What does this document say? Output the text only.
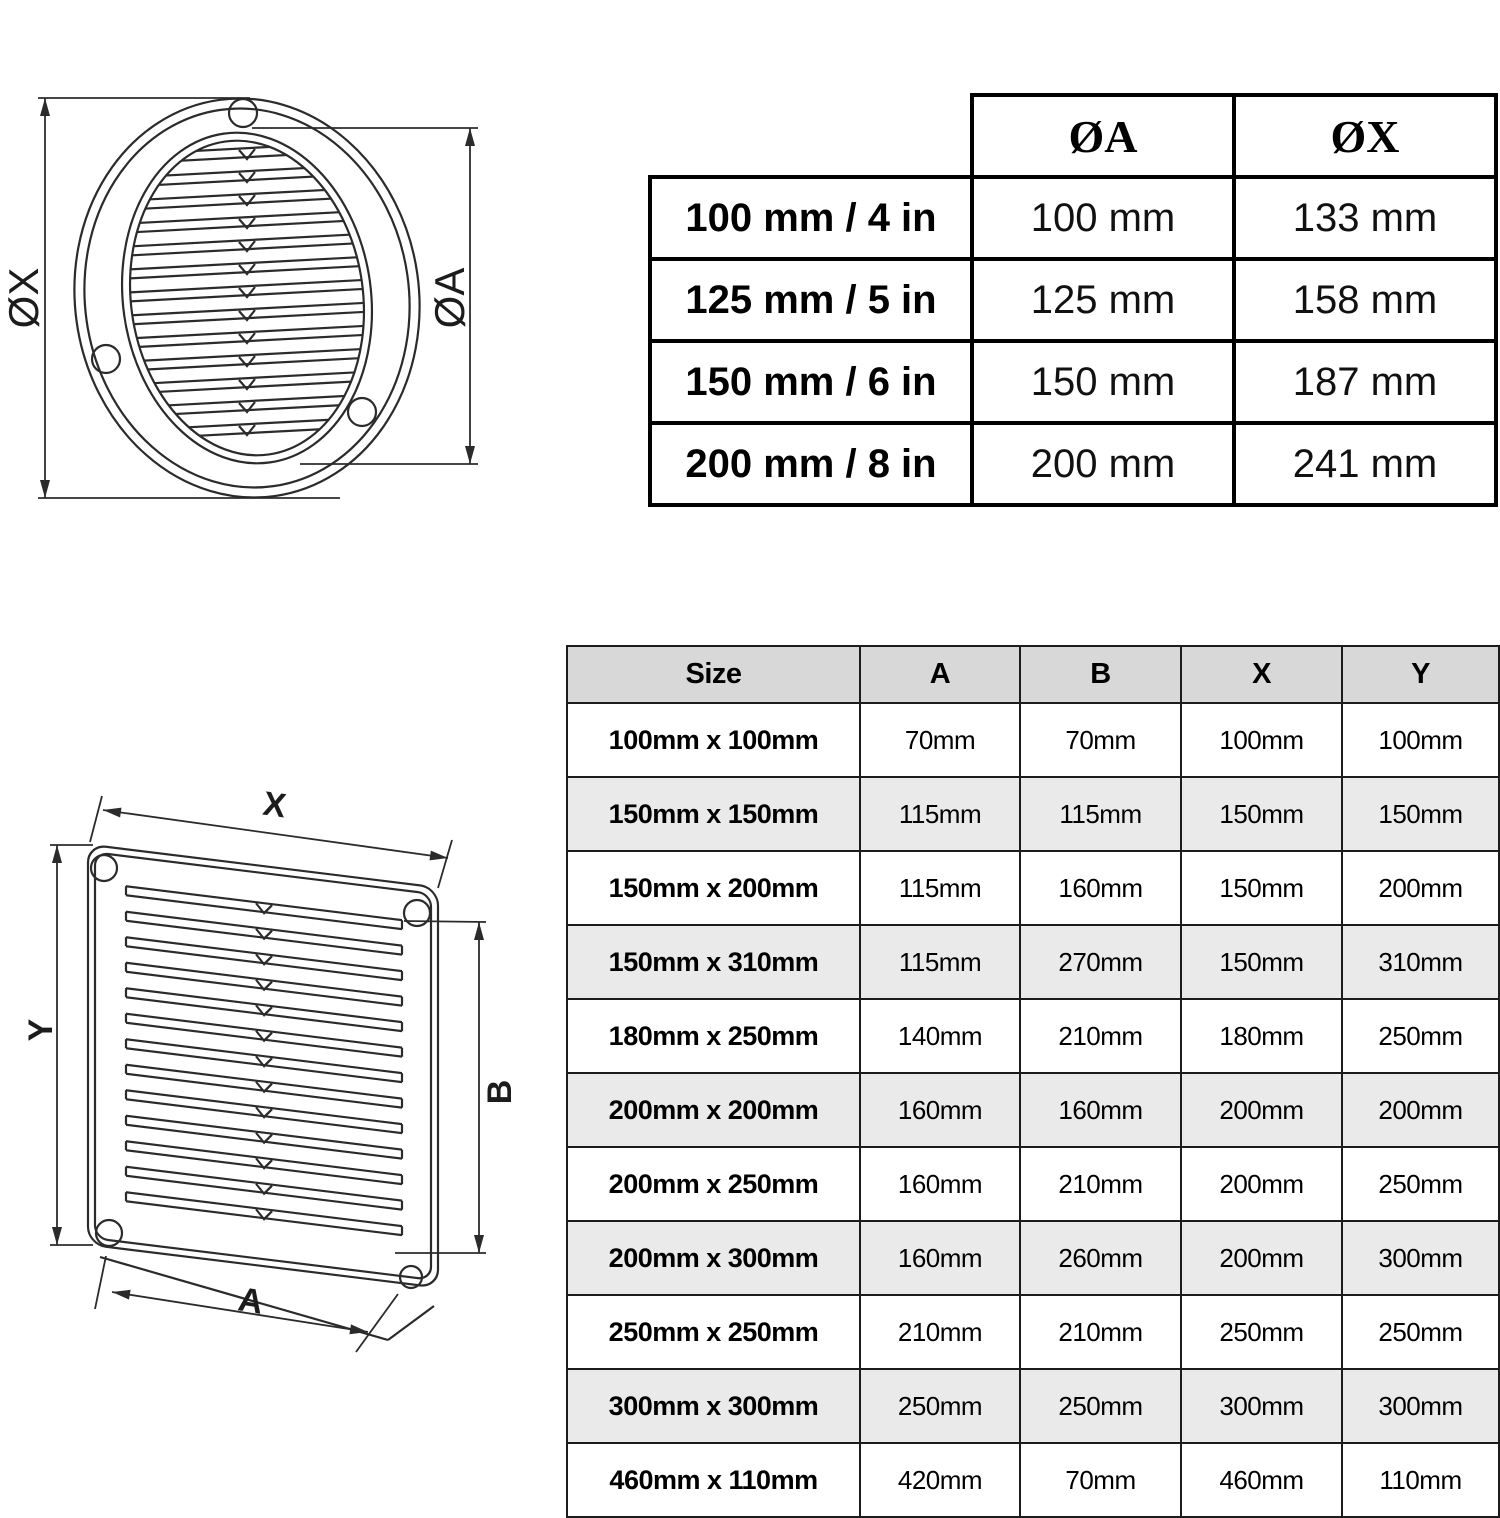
ØX	ØA
X
Y
B
A
	ØA	ØX
100 mm / 4 in	100 mm	133 mm
125 mm / 5 in	125 mm	158 mm
150 mm / 6 in	150 mm	187 mm
200 mm / 8 in	200 mm	241 mm
Size	A	B	X	Y
100mm x 100mm	70mm	70mm	100mm	100mm
150mm x 150mm	115mm	115mm	150mm	150mm
150mm x 200mm	115mm	160mm	150mm	200mm
150mm x 310mm	115mm	270mm	150mm	310mm
180mm x 250mm	140mm	210mm	180mm	250mm
200mm x 200mm	160mm	160mm	200mm	200mm
200mm x 250mm	160mm	210mm	200mm	250mm
200mm x 300mm	160mm	260mm	200mm	300mm
250mm x 250mm	210mm	210mm	250mm	250mm
300mm x 300mm	250mm	250mm	300mm	300mm
460mm x 110mm	420mm	70mm	460mm	110mm
